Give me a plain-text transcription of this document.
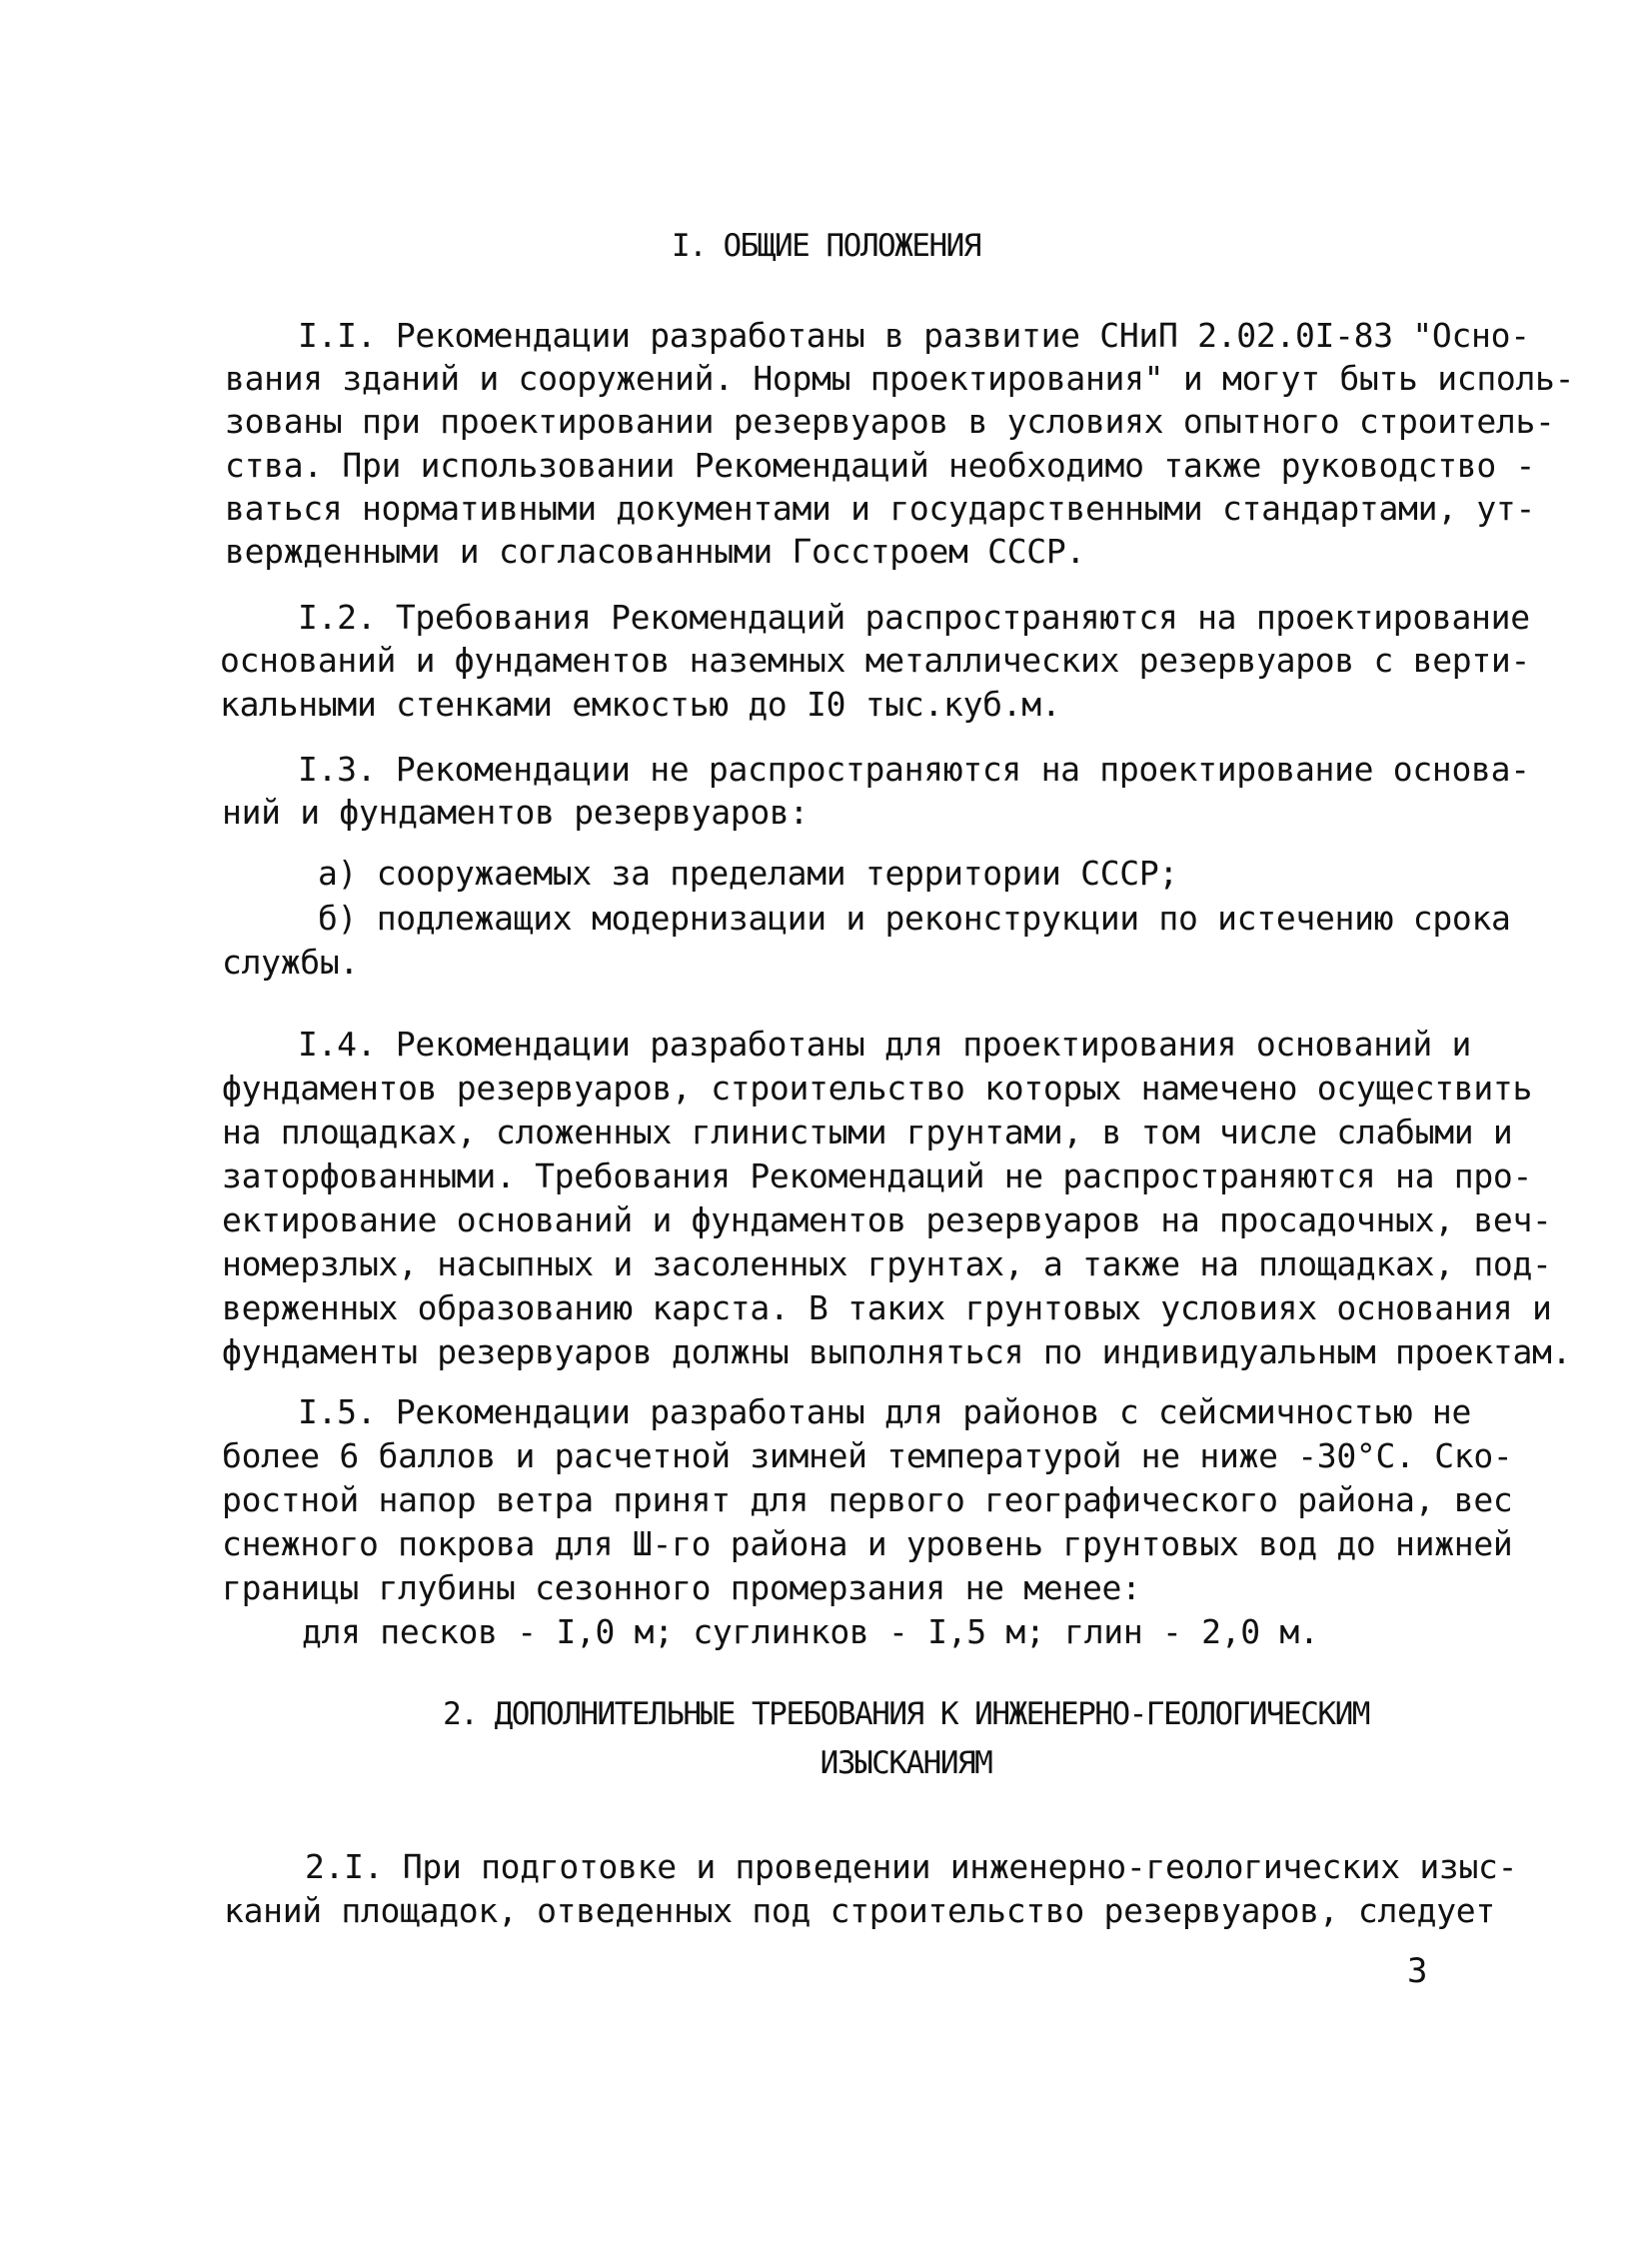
I. ОБЩИЕ ПОЛОЖЕНИЯ
I.I. Рекомендации разработаны в развитие СНиП 2.02.0I-83 "Осно-
вания зданий и сооружений. Нормы проектирования" и могут быть исполь-
зованы при проектировании резервуаров в условиях опытного строитель-
ства. При использовании Рекомендаций необходимо также руководство -
ваться нормативными документами и государственными стандартами, ут-
вержденными и согласованными Госстроем СССР.
I.2. Требования Рекомендаций распространяются на проектирование
оснований и фундаментов наземных металлических резервуаров с верти-
кальными стенками емкостью до I0 тыс.куб.м.
I.3. Рекомендации не распространяются на проектирование основа-
ний и фундаментов резервуаров:
а) сооружаемых за пределами территории СССР;
б) подлежащих модернизации и реконструкции по истечению срока
службы.
I.4. Рекомендации разработаны для проектирования оснований и
фундаментов резервуаров, строительство которых намечено осуществить
на площадках, сложенных глинистыми грунтами, в том числе слабыми и
заторфованными. Требования Рекомендаций не распространяются на про-
ектирование оснований и фундаментов резервуаров на просадочных, веч-
номерзлых, насыпных и засоленных грунтах, а также на площадках, под-
верженных образованию карста. В таких грунтовых условиях основания и
фундаменты резервуаров должны выполняться по индивидуальным проектам.
I.5. Рекомендации разработаны для районов с сейсмичностью не
более 6 баллов и расчетной зимней температурой не ниже -30°С. Ско-
ростной напор ветра принят для первого географического района, вес
снежного покрова для Ш-го района и уровень грунтовых вод до нижней
границы глубины сезонного промерзания не менее:
для песков - I,0 м; суглинков - I,5 м; глин - 2,0 м.
2. ДОПОЛНИТЕЛЬНЫЕ ТРЕБОВАНИЯ К ИНЖЕНЕРНО-ГЕОЛОГИЧЕСКИМ
ИЗЫСКАНИЯМ
2.I. При подготовке и проведении инженерно-геологических изыс-
каний площадок, отведенных под строительство резервуаров, следует
3
